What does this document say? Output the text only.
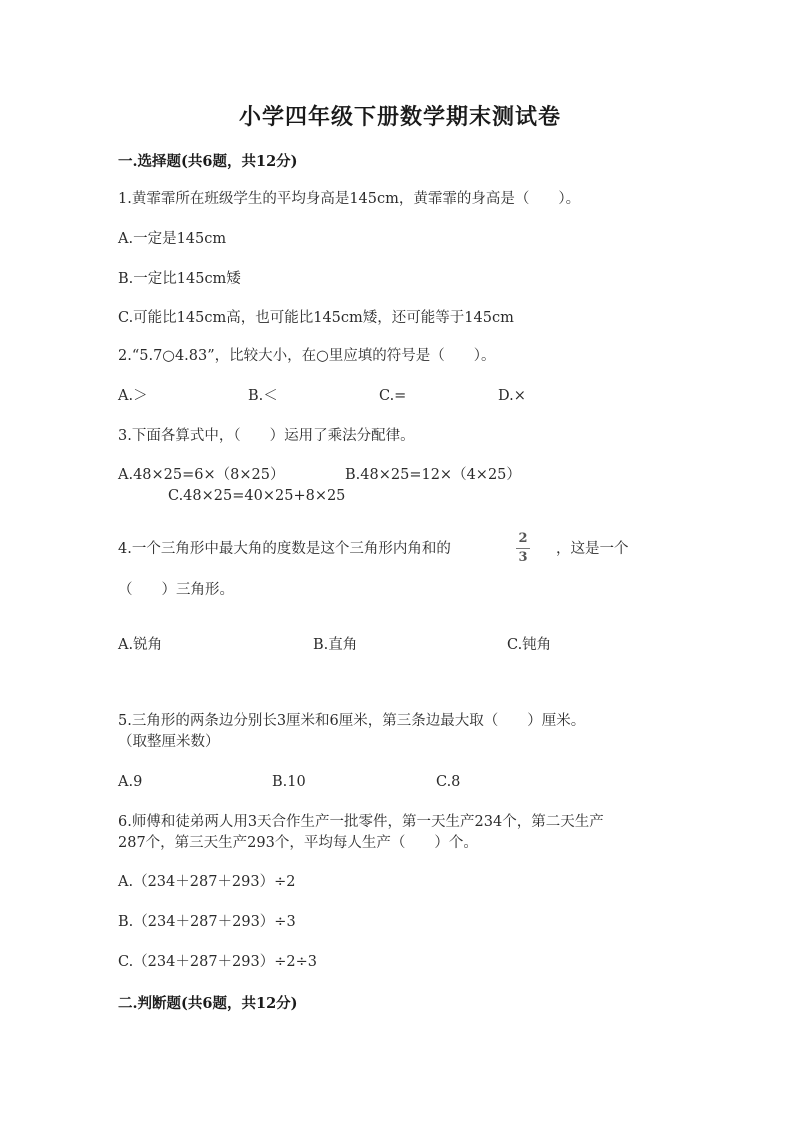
小学四年级下册数学期末测试卷
一.选择题(共6题，共12分)
1.黄霏霏所在班级学生的平均身高是145cm，黄霏霏的身高是（　　）。
A.一定是145cm
B.一定比145cm矮
C.可能比145cm高，也可能比145cm矮，还可能等于145cm
2.“5.7○4.83”，比较大小，在○里应填的符号是（　　）。
A.＞	B.＜	C.=	D.×
3.下面各算式中，（　　）运用了乘法分配律。
A.48×25=6×（8×25）	B.48×25=12×（4×25）
C.48×25=40×25+8×25
4.一个三角形中最大角的度数是这个三角形内角和的
2
3
，这是一个
（　　）三角形。
A.锐角	B.直角	C.钝角
5.三角形的两条边分别长3厘米和6厘米，第三条边最大取（　　）厘米。
（取整厘米数）
A.9	B.10	C.8
6.师傅和徒弟两人用3天合作生产一批零件，第一天生产234个，第二天生产
287个，第三天生产293个，平均每人生产（　　）个。
A.（234＋287＋293）÷2
B.（234＋287＋293）÷3
C.（234＋287＋293）÷2÷3
二.判断题(共6题，共12分)
